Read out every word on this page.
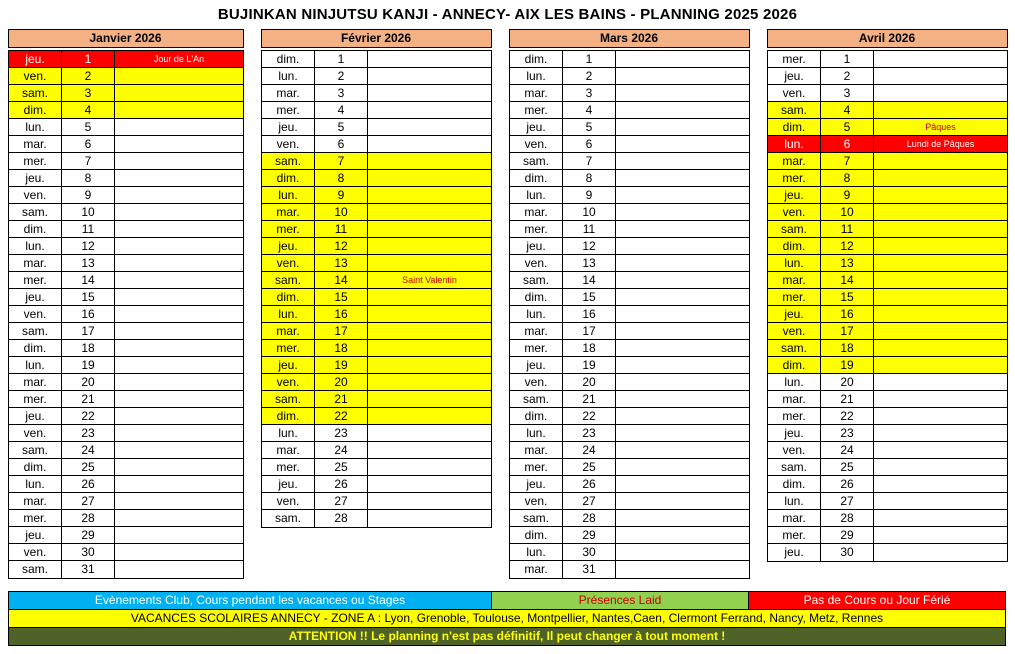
BUJINKAN NINJUTSU KANJI - ANNECY- AIX LES BAINS - PLANNING 2025 2026
Janvier 2026
jeu.	1	Jour de L'An
ven.	2
sam.	3
dim.	4
lun.	5
mar.	6
mer.	7
jeu.	8
ven.	9
sam.	10
dim.	11
lun.	12
mar.	13
mer.	14
jeu.	15
ven.	16
sam.	17
dim.	18
lun.	19
mar.	20
mer.	21
jeu.	22
ven.	23
sam.	24
dim.	25
lun.	26
mar.	27
mer.	28
jeu.	29
ven.	30
sam.	31
Février 2026
dim.	1
lun.	2
mar.	3
mer.	4
jeu.	5
ven.	6
sam.	7
dim.	8
lun.	9
mar.	10
mer.	11
jeu.	12
ven.	13
sam.	14	Saint Valentin
dim.	15
lun.	16
mar.	17
mer.	18
jeu.	19
ven.	20
sam.	21
dim.	22
lun.	23
mar.	24
mer.	25
jeu.	26
ven.	27
sam.	28
Mars 2026
dim.	1
lun.	2
mar.	3
mer.	4
jeu.	5
ven.	6
sam.	7
dim.	8
lun.	9
mar.	10
mer.	11
jeu.	12
ven.	13
sam.	14
dim.	15
lun.	16
mar.	17
mer.	18
jeu.	19
ven.	20
sam.	21
dim.	22
lun.	23
mar.	24
mer.	25
jeu.	26
ven.	27
sam.	28
dim.	29
lun.	30
mar.	31
Avril 2026
mer.	1
jeu.	2
ven.	3
sam.	4
dim.	5	Pâques
lun.	6	Lundi de Pâques
mar.	7
mer.	8
jeu.	9
ven.	10
sam.	11
dim.	12
lun.	13
mar.	14
mer.	15
jeu.	16
ven.	17
sam.	18
dim.	19
lun.	20
mar.	21
mer.	22
jeu.	23
ven.	24
sam.	25
dim.	26
lun.	27
mar.	28
mer.	29
jeu.	30
Evènements Club, Cours pendant les vacances ou Stages	Présences Laid	Pas de Cours ou Jour Férié
VACANCES SCOLAIRES ANNECY - ZONE A : Lyon, Grenoble, Toulouse, Montpellier, Nantes,Caen, Clermont Ferrand, Nancy, Metz, Rennes
ATTENTION !! Le planning n'est pas définitif, Il peut changer à tout moment !
